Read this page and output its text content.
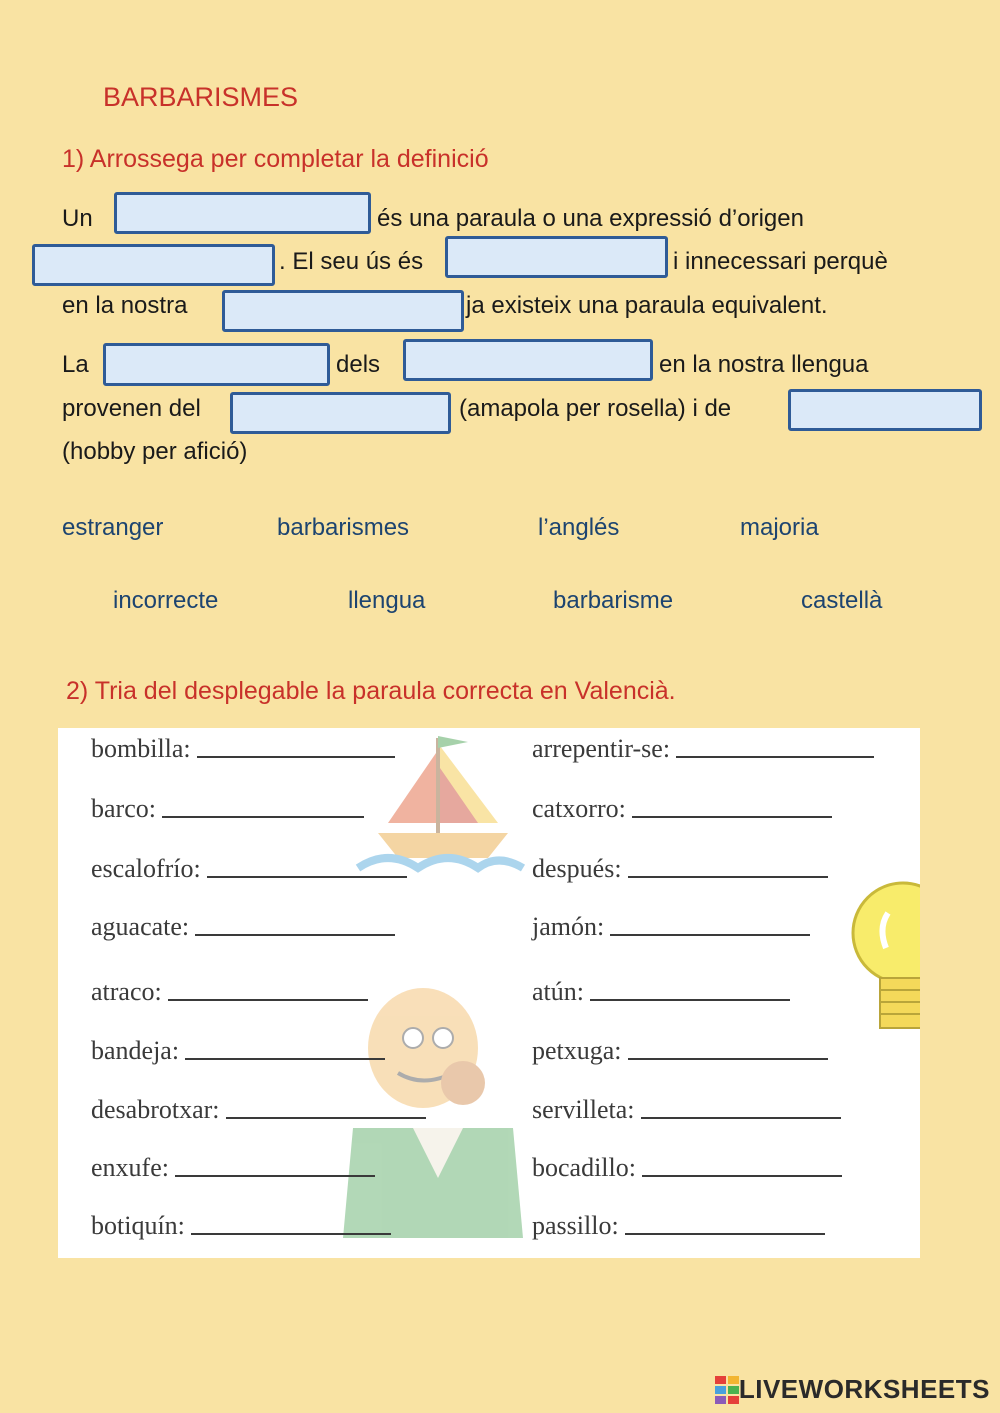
BARBARISMES
1) Arrossega per completar la definició
Un	és una paraula o una expressió d’origen
. El seu ús és	i innecessari perquè
en la nostra	ja existeix una paraula equivalent.
La	dels	en la nostra llengua
provenen del	(amapola per rosella) i de
(hobby per afició)
estranger	barbarismes	l’anglés	majoria
incorrecte	llengua	barbarisme	castellà
2) Tria del desplegable la paraula correcta en Valencià.
bombilla:
barco:
escalofrío:
aguacate:
atraco:
bandeja:
desabrotxar:
enxufe:
botiquín:
arrepentir-se:
catxorro:
después:
jamón:
atún:
petxuga:
servilleta:
bocadillo:
passillo:
LIVEWORKSHEETS
